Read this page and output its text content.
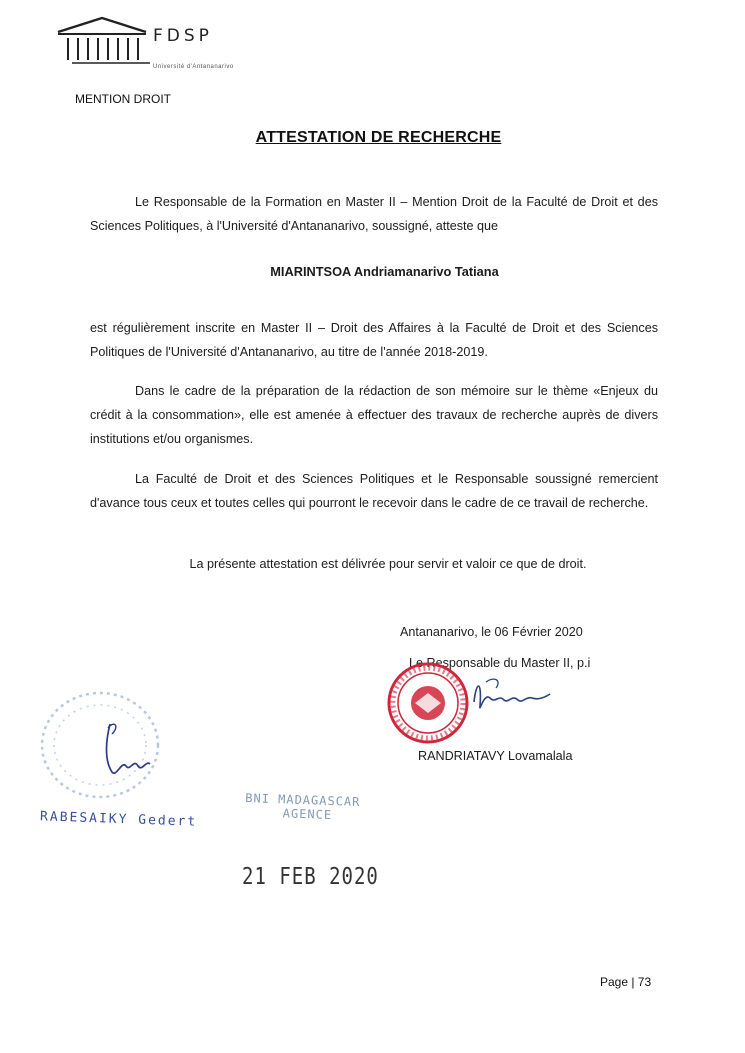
FDSP
Université d'Antananarivo
MENTION DROIT
ATTESTATION DE RECHERCHE
Le Responsable de la Formation en Master II – Mention Droit de la Faculté de Droit et des Sciences Politiques, à l'Université d'Antananarivo, soussigné, atteste que
MIARINTSOA Andriamanarivo Tatiana
est régulièrement inscrite en Master II – Droit des Affaires à la Faculté de Droit et des Sciences Politiques de l'Université d'Antananarivo, au titre de l'année 2018-2019.
Dans le cadre de la préparation de la rédaction de son mémoire sur le thème «Enjeux du crédit à la consommation», elle est amenée à effectuer des travaux de recherche auprès de divers institutions et/ou organismes.
La Faculté de Droit et des Sciences Politiques et le Responsable soussigné remercient d'avance tous ceux et toutes celles qui pourront le recevoir dans le cadre de ce travail de recherche.
La présente attestation est délivrée pour servir et valoir ce que de droit.
Antananarivo, le 06 Février 2020
Le Responsable du Master II, p.i
RANDRIATAVY Lovamalala
RABESAIKY Gedert
BNI MADAGASCAR
AGENCE
21 FEB 2020
Page | 73
